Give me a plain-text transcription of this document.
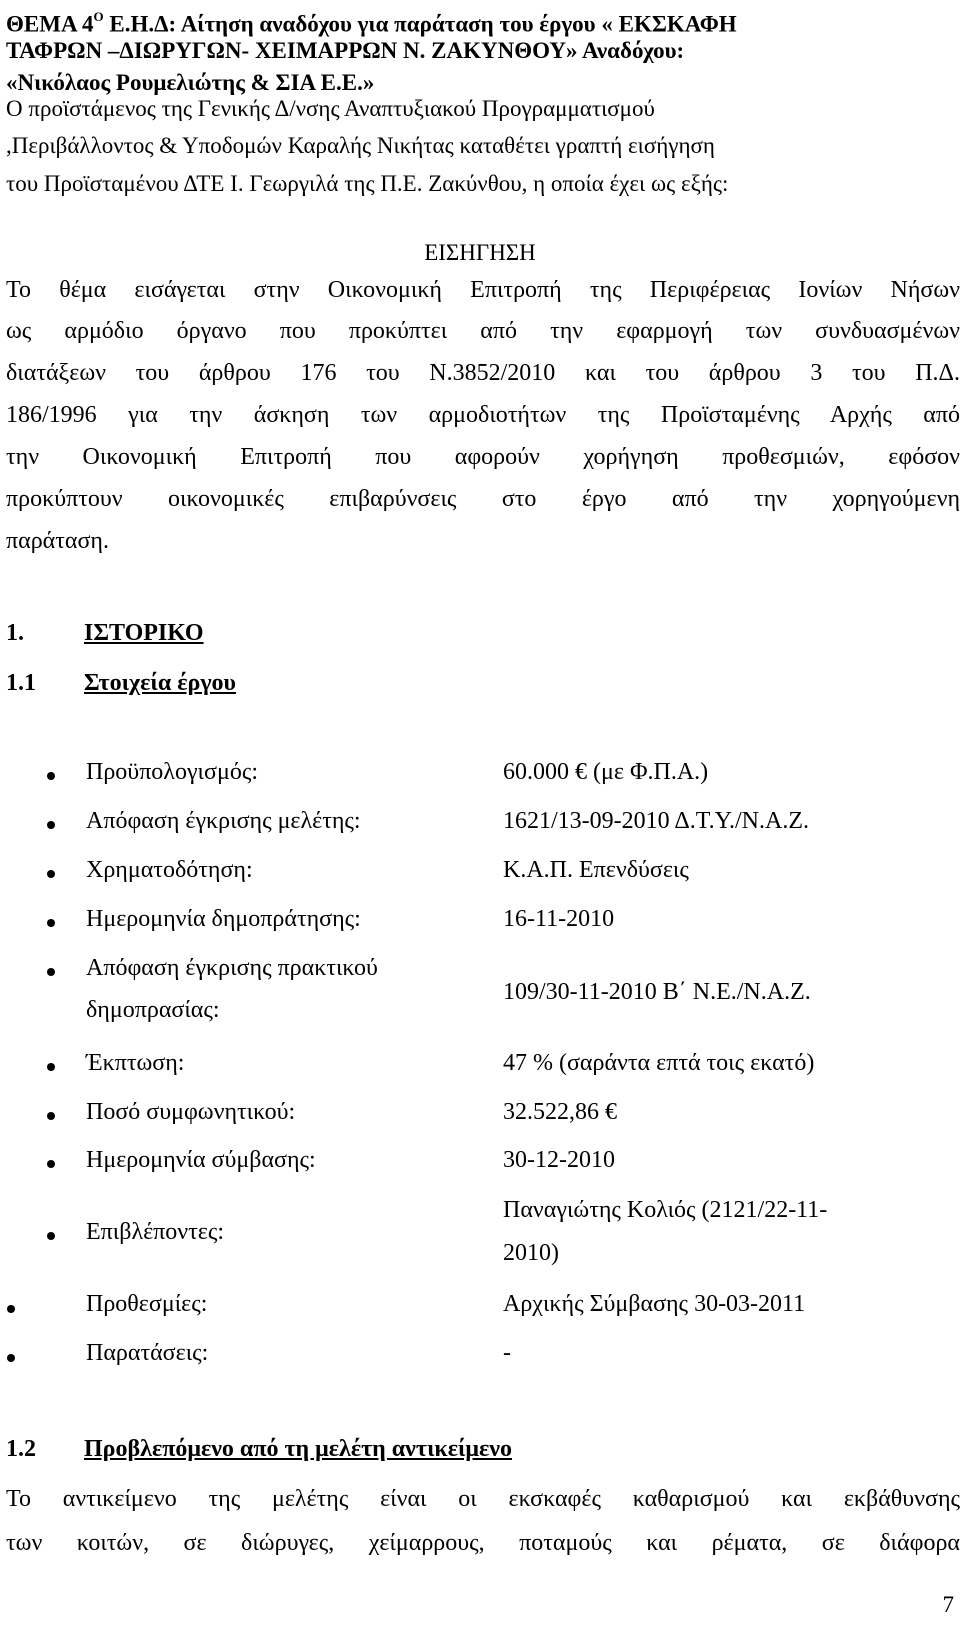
ΘΕΜΑ $4^O$ Ε.Η.Δ: Αίτηση αναδόχου για παράταση του έργου « ΕΚΣΚΑΦΗ
ΤΑΦΡΩΝ –ΔΙΩΡΥΓΩΝ- ΧΕΙΜΑΡΡΩΝ Ν. ΖΑΚΥΝΘΟΥ» Αναδόχου:
«Νικόλαος Ρουμελιώτης & ΣΙΑ Ε.Ε.»
Ο προϊστάμενος της Γενικής Δ/νσης Αναπτυξιακού Προγραμματισμού
,Περιβάλλοντος & Υποδομών Καραλής Νικήτας καταθέτει γραπτή εισήγηση
του Προϊσταμένου ΔΤΕ Ι. Γεωργιλά της Π.Ε. Ζακύνθου, η οποία έχει ως εξής:
ΕΙΣΗΓΗΣΗ
Το θέμα εισάγεται στην Οικονομική Επιτροπή της Περιφέρειας Ιονίων Νήσων
ως αρμόδιο όργανο που προκύπτει από την εφαρμογή των συνδυασμένων
διατάξεων του άρθρου 176 του Ν.3852/2010 και του άρθρου 3 του Π.Δ.
186/1996 για την άσκηση των αρμοδιοτήτων της Προϊσταμένης Αρχής από
την Οικονομική Επιτροπή που αφορούν χορήγηση προθεσμιών, εφόσον
προκύπτουν οικονομικές επιβαρύνσεις στο έργο από την χορηγούμενη
παράταση.
1.	ΙΣΤΟΡΙΚΟ
1.1 Στοιχεία έργου
Προϋπολογισμός:	60.000 € (με Φ.Π.Α.)
Απόφαση έγκρισης μελέτης:	1621/13-09-2010 Δ.Τ.Υ./Ν.Α.Ζ.
Χρηματοδότηση:	Κ.Α.Π. Επενδύσεις
Ημερομηνία δημοπράτησης:	16-11-2010
Απόφαση έγκρισης πρακτικού
δημοπρασίας:
109/30-11-2010 Β΄ Ν.Ε./Ν.Α.Ζ.
Έκπτωση:	47 % (σαράντα επτά τοις εκατό)
Ποσό συμφωνητικού:	32.522,86 €
Ημερομηνία σύμβασης:	30-12-2010
Επιβλέποντες:
Παναγιώτης Κολιός (2121/22-11-
2010)
Προθεσμίες:	Αρχικής Σύμβασης 30-03-2011
Παρατάσεις:	-
1.2 Προβλεπόμενο από τη μελέτη αντικείμενο
Το αντικείμενο της μελέτης είναι οι εκσκαφές καθαρισμού και εκβάθυνσης
των κοιτών, σε διώρυγες, χείμαρρους, ποταμούς και ρέματα, σε διάφορα
7
